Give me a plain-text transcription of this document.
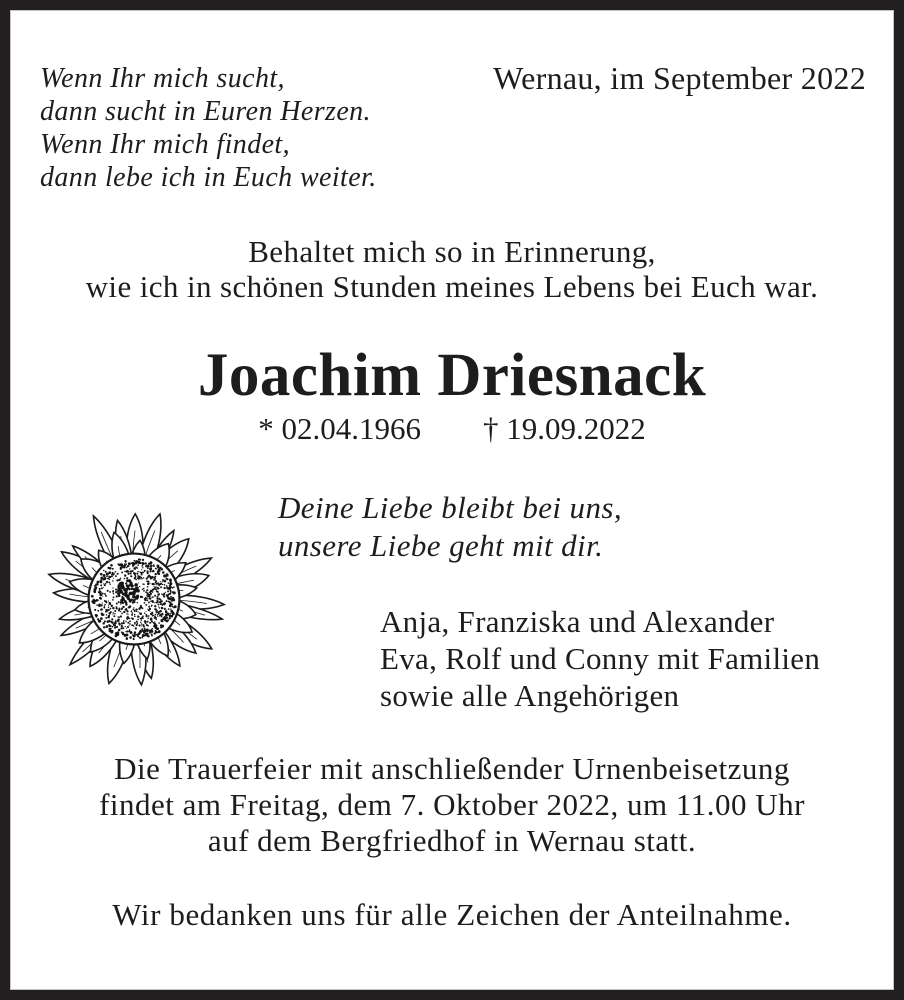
Wenn Ihr mich sucht,
dann sucht in Euren Herzen.
Wenn Ihr mich findet,
dann lebe ich in Euch weiter.
Wernau, im September 2022
Behaltet mich so in Erinnerung,
wie ich in schönen Stunden meines Lebens bei Euch war.
Joachim Driesnack
* 02.04.1966 † 19.09.2022
Deine Liebe bleibt bei uns,
unsere Liebe geht mit dir.
Anja, Franziska und Alexander
Eva, Rolf und Conny mit Familien
sowie alle Angehörigen
Die Trauerfeier mit anschließender Urnenbeisetzung
findet am Freitag, dem 7. Oktober 2022, um 11.00 Uhr
auf dem Bergfriedhof in Wernau statt.
Wir bedanken uns für alle Zeichen der Anteilnahme.
